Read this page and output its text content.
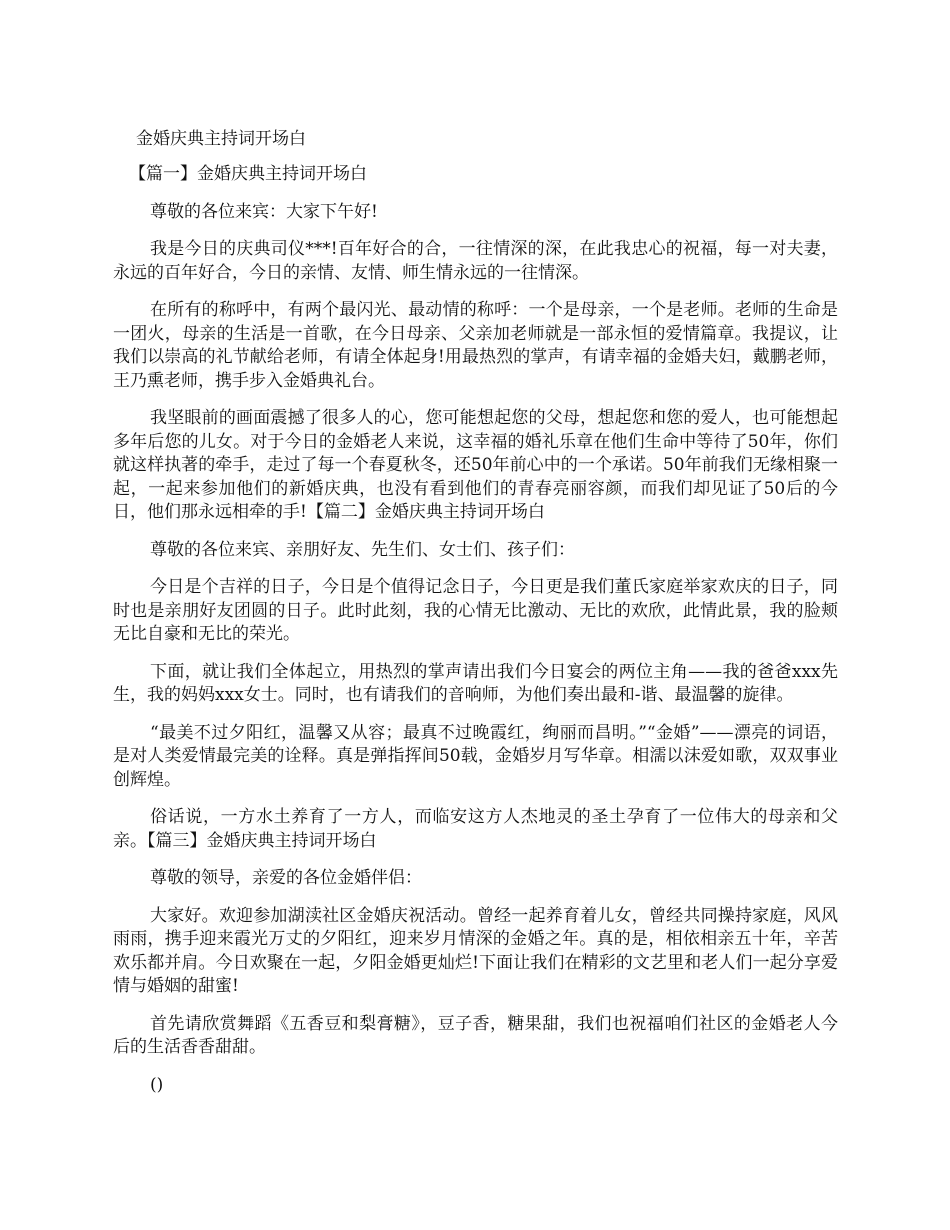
金婚庆典主持词开场白

【篇一】金婚庆典主持词开场白

尊敬的各位来宾：大家下午好!

我是今日的庆典司仪***!百年好合的合，一往情深的深，在此我忠心的祝福，每一对夫妻，永远的百年好合，今日的亲情、友情、师生情永远的一往情深。

在所有的称呼中，有两个最闪光、最动情的称呼：一个是母亲，一个是老师。老师的生命是一团火，母亲的生活是一首歌，在今日母亲、父亲加老师就是一部永恒的爱情篇章。我提议，让我们以崇高的礼节献给老师，有请全体起身!用最热烈的掌声，有请幸福的金婚夫妇，戴鹏老师，王乃熏老师，携手步入金婚典礼台。

我坚眼前的画面震撼了很多人的心，您可能想起您的父母，想起您和您的爱人，也可能想起多年后您的儿女。对于今日的金婚老人来说，这幸福的婚礼乐章在他们生命中等待了50年，你们就这样执著的牵手，走过了每一个春夏秋冬，还50年前心中的一个承诺。50年前我们无缘相聚一起，一起来参加他们的新婚庆典，也没有看到他们的青春亮丽容颜，而我们却见证了50后的今日，他们那永远相牵的手!【篇二】金婚庆典主持词开场白

尊敬的各位来宾、亲朋好友、先生们、女士们、孩子们：

今日是个吉祥的日子，今日是个值得记念日子，今日更是我们董氏家庭举家欢庆的日子，同时也是亲朋好友团圆的日子。此时此刻，我的心情无比激动、无比的欢欣，此情此景，我的脸颊无比自豪和无比的荣光。

下面，就让我们全体起立，用热烈的掌声请出我们今日宴会的两位主角——我的爸爸xxx先生，我的妈妈xxx女士。同时，也有请我们的音响师，为他们奏出最和-谐、最温馨的旋律。

“最美不过夕阳红，温馨又从容；最真不过晚霞红，绚丽而昌明。”“金婚”——漂亮的词语，是对人类爱情最完美的诠释。真是弹指挥间50载，金婚岁月写华章。相濡以沫爱如歌，双双事业创辉煌。

俗话说，一方水土养育了一方人，而临安这方人杰地灵的圣土孕育了一位伟大的母亲和父亲。【篇三】金婚庆典主持词开场白

尊敬的领导，亲爱的各位金婚伴侣：

大家好。欢迎参加湖渎社区金婚庆祝活动。曾经一起养育着儿女，曾经共同操持家庭，风风雨雨，携手迎来霞光万丈的夕阳红，迎来岁月情深的金婚之年。真的是，相依相亲五十年，辛苦欢乐都并肩。今日欢聚在一起，夕阳金婚更灿烂!下面让我们在精彩的文艺里和老人们一起分享爱情与婚姻的甜蜜!

首先请欣赏舞蹈《五香豆和梨膏糖》，豆子香，糖果甜，我们也祝福咱们社区的金婚老人今后的生活香香甜甜。

()
